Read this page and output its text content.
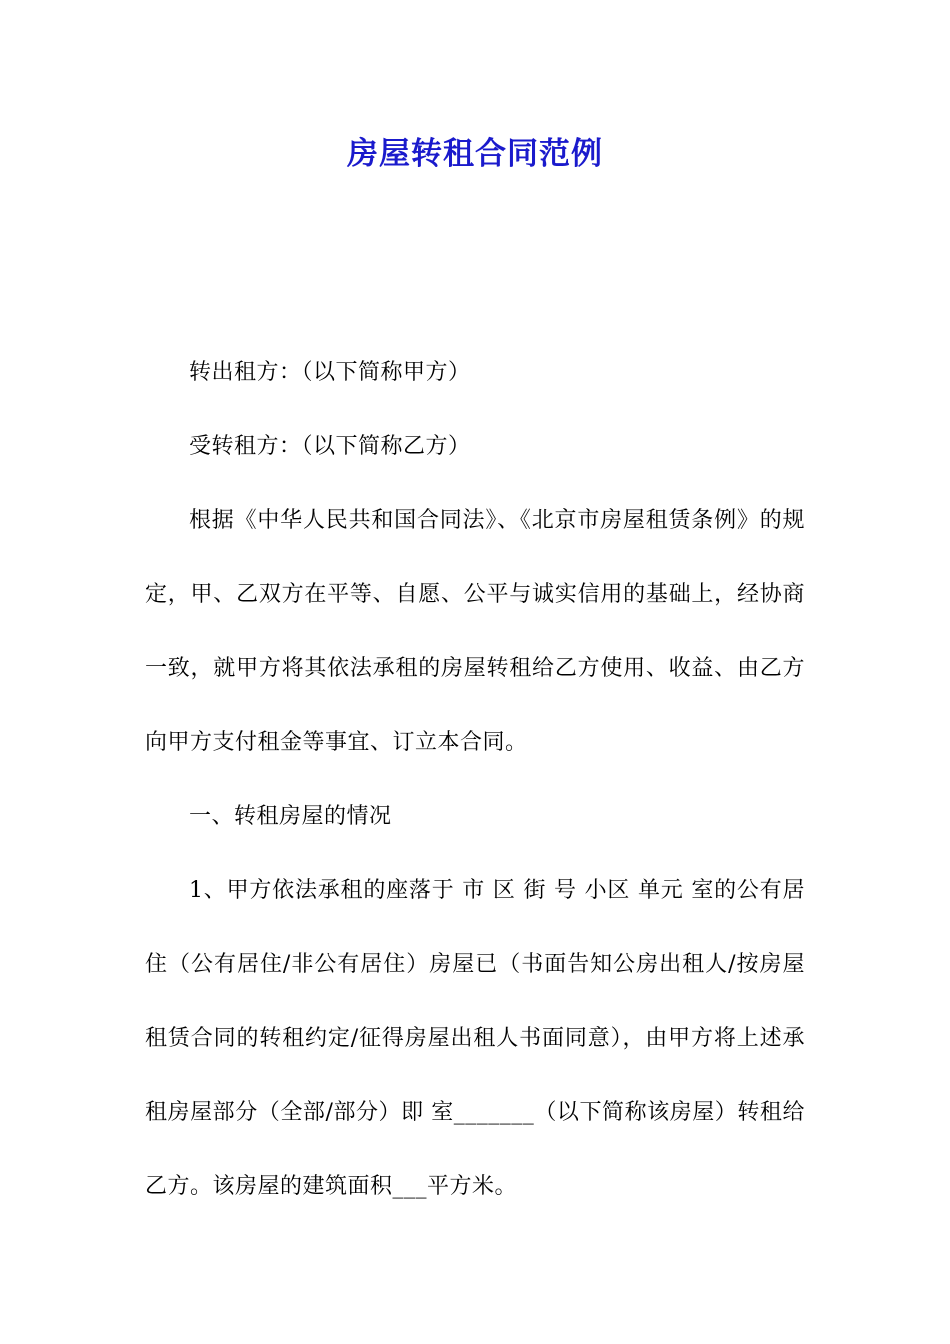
房屋转租合同范例

转出租方：（以下简称甲方）

受转租方：（以下简称乙方）

根据《中华人民共和国合同法》、《北京市房屋租赁条例》的规定，甲、乙双方在平等、自愿、公平与诚实信用的基础上，经协商一致，就甲方将其依法承租的房屋转租给乙方使用、收益、由乙方向甲方支付租金等事宜、订立本合同。

一、转租房屋的情况

1、甲方依法承租的座落于 市 区 街 号 小区 单元 室的公有居住（公有居住/非公有居住）房屋已（书面告知公房出租人/按房屋租赁合同的转租约定/征得房屋出租人书面同意），由甲方将上述承租房屋部分（全部/部分）即 室_______（以下简称该房屋）转租给乙方。该房屋的建筑面积___平方米。
